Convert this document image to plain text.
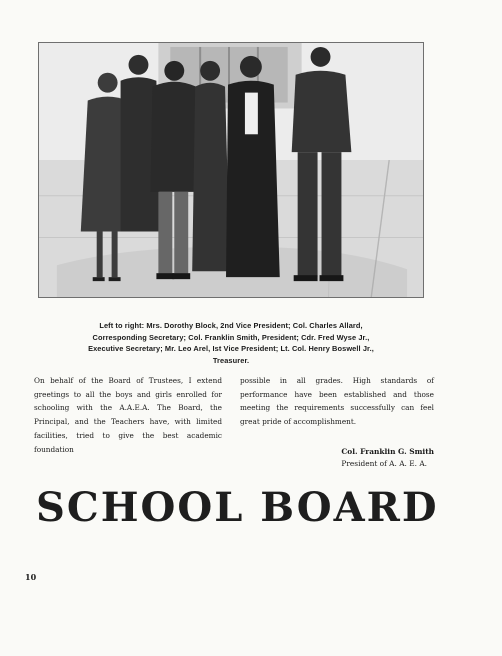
Left to right: Mrs. Dorothy Block, 2nd Vice President; Col. Charles Allard, Corresponding Secretary; Col. Franklin Smith, President; Cdr. Fred Wyse Jr., Executive Secretary; Mr. Leo Arel, Ist Vice President; Lt. Col. Henry Boswell Jr., Treasurer.

On behalf of the Board of Trustees, I extend greetings to all the boys and girls enrolled for schooling with the A.A.E.A. The Board, the Principal, and the Teachers have, with limited facilities, tried to give the best academic foundation

possible in all grades. High standards of performance have been established and those meeting the requirements successfully can feel great pride of accomplishment.

Col. Franklin G. Smith
President of A. A. E. A.
SCHOOL BOARD
10
